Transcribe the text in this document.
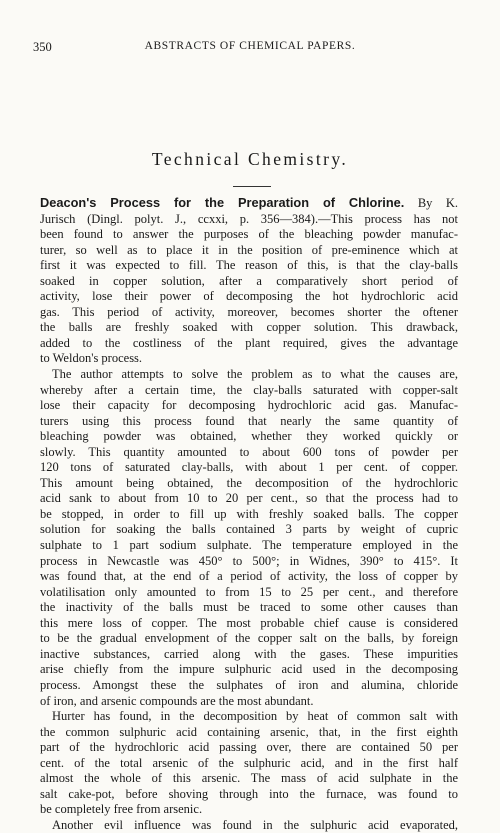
350	ABSTRACTS OF CHEMICAL PAPERS.
Technical Chemistry.
Deacon's Process for the Preparation of Chlorine. By K.
Jurisch (Dingl. polyt. J., ccxxi, p. 356—384).—This process has not
been found to answer the purposes of the bleaching powder manufac-
turer, so well as to place it in the position of pre-eminence which at
first it was expected to fill. The reason of this, is that the clay-balls
soaked in copper solution, after a comparatively short period of
activity, lose their power of decomposing the hot hydrochloric acid
gas. This period of activity, moreover, becomes shorter the oftener
the balls are freshly soaked with copper solution. This drawback,
added to the costliness of the plant required, gives the advantage
to Weldon's process.
The author attempts to solve the problem as to what the causes are,
whereby after a certain time, the clay-balls saturated with copper-salt
lose their capacity for decomposing hydrochloric acid gas. Manufac-
turers using this process found that nearly the same quantity of
bleaching powder was obtained, whether they worked quickly or
slowly. This quantity amounted to about 600 tons of powder per
120 tons of saturated clay-balls, with about 1 per cent. of copper.
This amount being obtained, the decomposition of the hydrochloric
acid sank to about from 10 to 20 per cent., so that the process had to
be stopped, in order to fill up with freshly soaked balls. The copper
solution for soaking the balls contained 3 parts by weight of cupric
sulphate to 1 part sodium sulphate. The temperature employed in the
process in Newcastle was 450° to 500°; in Widnes, 390° to 415°. It
was found that, at the end of a period of activity, the loss of copper by
volatilisation only amounted to from 15 to 25 per cent., and therefore
the inactivity of the balls must be traced to some other causes than
this mere loss of copper. The most probable chief cause is considered
to be the gradual envelopment of the copper salt on the balls, by foreign
inactive substances, carried along with the gases. These impurities
arise chiefly from the impure sulphuric acid used in the decomposing
process. Amongst these the sulphates of iron and alumina, chloride
of iron, and arsenic compounds are the most abundant.
Hurter has found, in the decomposition by heat of common salt with
the common sulphuric acid containing arsenic, that, in the first eighth
part of the hydrochloric acid passing over, there are contained 50 per
cent. of the total arsenic of the sulphuric acid, and in the first half
almost the whole of this arsenic. The mass of acid sulphate in the
salt cake-pot, before shoving through into the furnace, was found to
be completely free from arsenic.
Another evil influence was found in the sulphuric acid evaporated,
